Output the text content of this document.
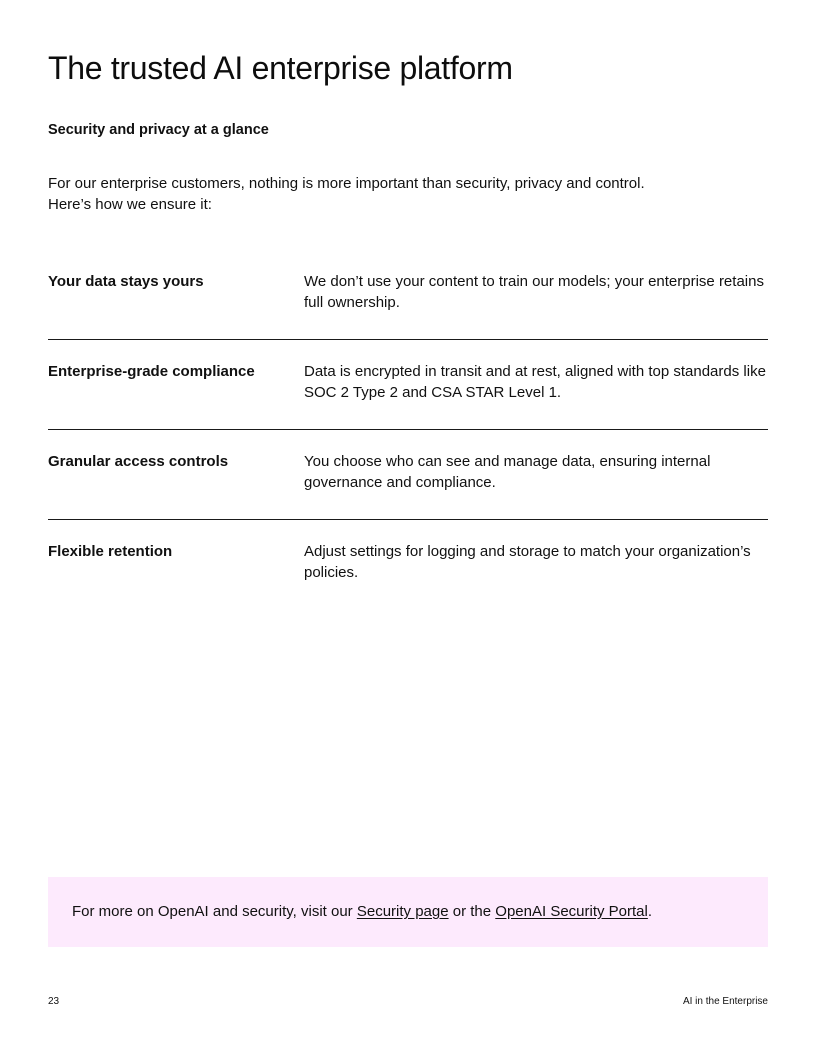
The trusted AI enterprise platform

Security and privacy at a glance

For our enterprise customers, nothing is more important than security, privacy and control.
Here’s how we ensure it:

Your data stays yours	We don’t use your content to train our models; your enterprise retains full ownership.
Enterprise-grade compliance	Data is encrypted in transit and at rest, aligned with top standards like SOC 2 Type 2 and CSA STAR Level 1.
Granular access controls	You choose who can see and manage data, ensuring internal governance and compliance.
Flexible retention	Adjust settings for logging and storage to match your organization’s policies.
For more on OpenAI and security, visit our Security page or the OpenAI Security Portal.
23	AI in the Enterprise
